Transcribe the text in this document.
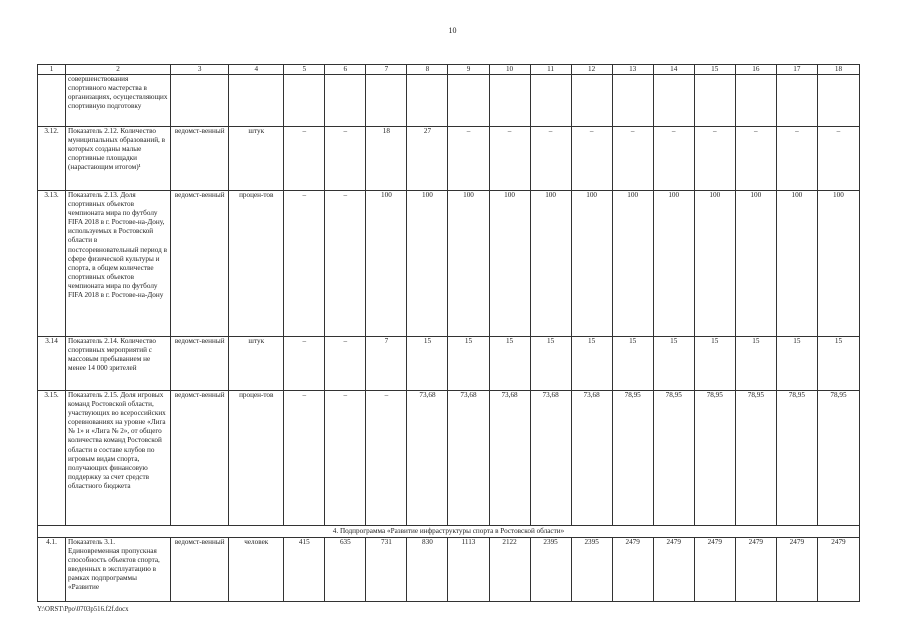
10
1	2	3	4	5	6	7	8	9	10	11	12	13	14	15	16	17	18
	совершенствования спортивного мастерства в организациях, осуществляющих спортивную подготовку																
3.12.	Показатель 2.12. Количество муниципальных образований, в которых созданы малые спортивные площадки (нарастающим итогом)¹	ведомст-венный	штук	–	–	18	27	–	–	–	–	–	–	–	–	–	–
3.13.	Показатель 2.13. Доля спортивных объектов чемпионата мира по футболу FIFA 2018 в г. Ростове-на-Дону, используемых в Ростовской области в постсоревновательный период в сфере физической культуры и спорта, в общем количестве спортивных объектов чемпионата мира по футболу FIFA 2018 в г. Ростове-на-Дону	ведомст-венный	процен-тов	–	–	100	100	100	100	100	100	100	100	100	100	100	100
3.14	Показатель 2.14. Количество спортивных мероприятий с массовым пребыванием не менее 14 000 зрителей	ведомст-венный	штук	–	–	7	15	15	15	15	15	15	15	15	15	15	15
3.15.	Показатель 2.15. Доля игровых команд Ростовской области, участвующих во всероссийских соревнованиях на уровне «Лига № 1» и «Лига № 2», от общего количества команд Ростовской области в составе клубов по игровым видам спорта, получающих финансовую поддержку за счет средств областного бюджета	ведомст-венный	процен-тов	–	–	–	73,68	73,68	73,68	73,68	73,68	78,95	78,95	78,95	78,95	78,95	78,95
4. Подпрограмма «Развитие инфраструктуры спорта в Ростовской области»																	
4.1.	Показатель 3.1. Единовременная пропускная способность объектов спорта, введенных в эксплуатацию в рамках подпрограммы «Развитие	ведомст-венный	человек	415	635	731	830	1113	2122	2395	2395	2479	2479	2479	2479	2479	2479
Y:\ORST\Ppo\0703p516.f2f.docx
